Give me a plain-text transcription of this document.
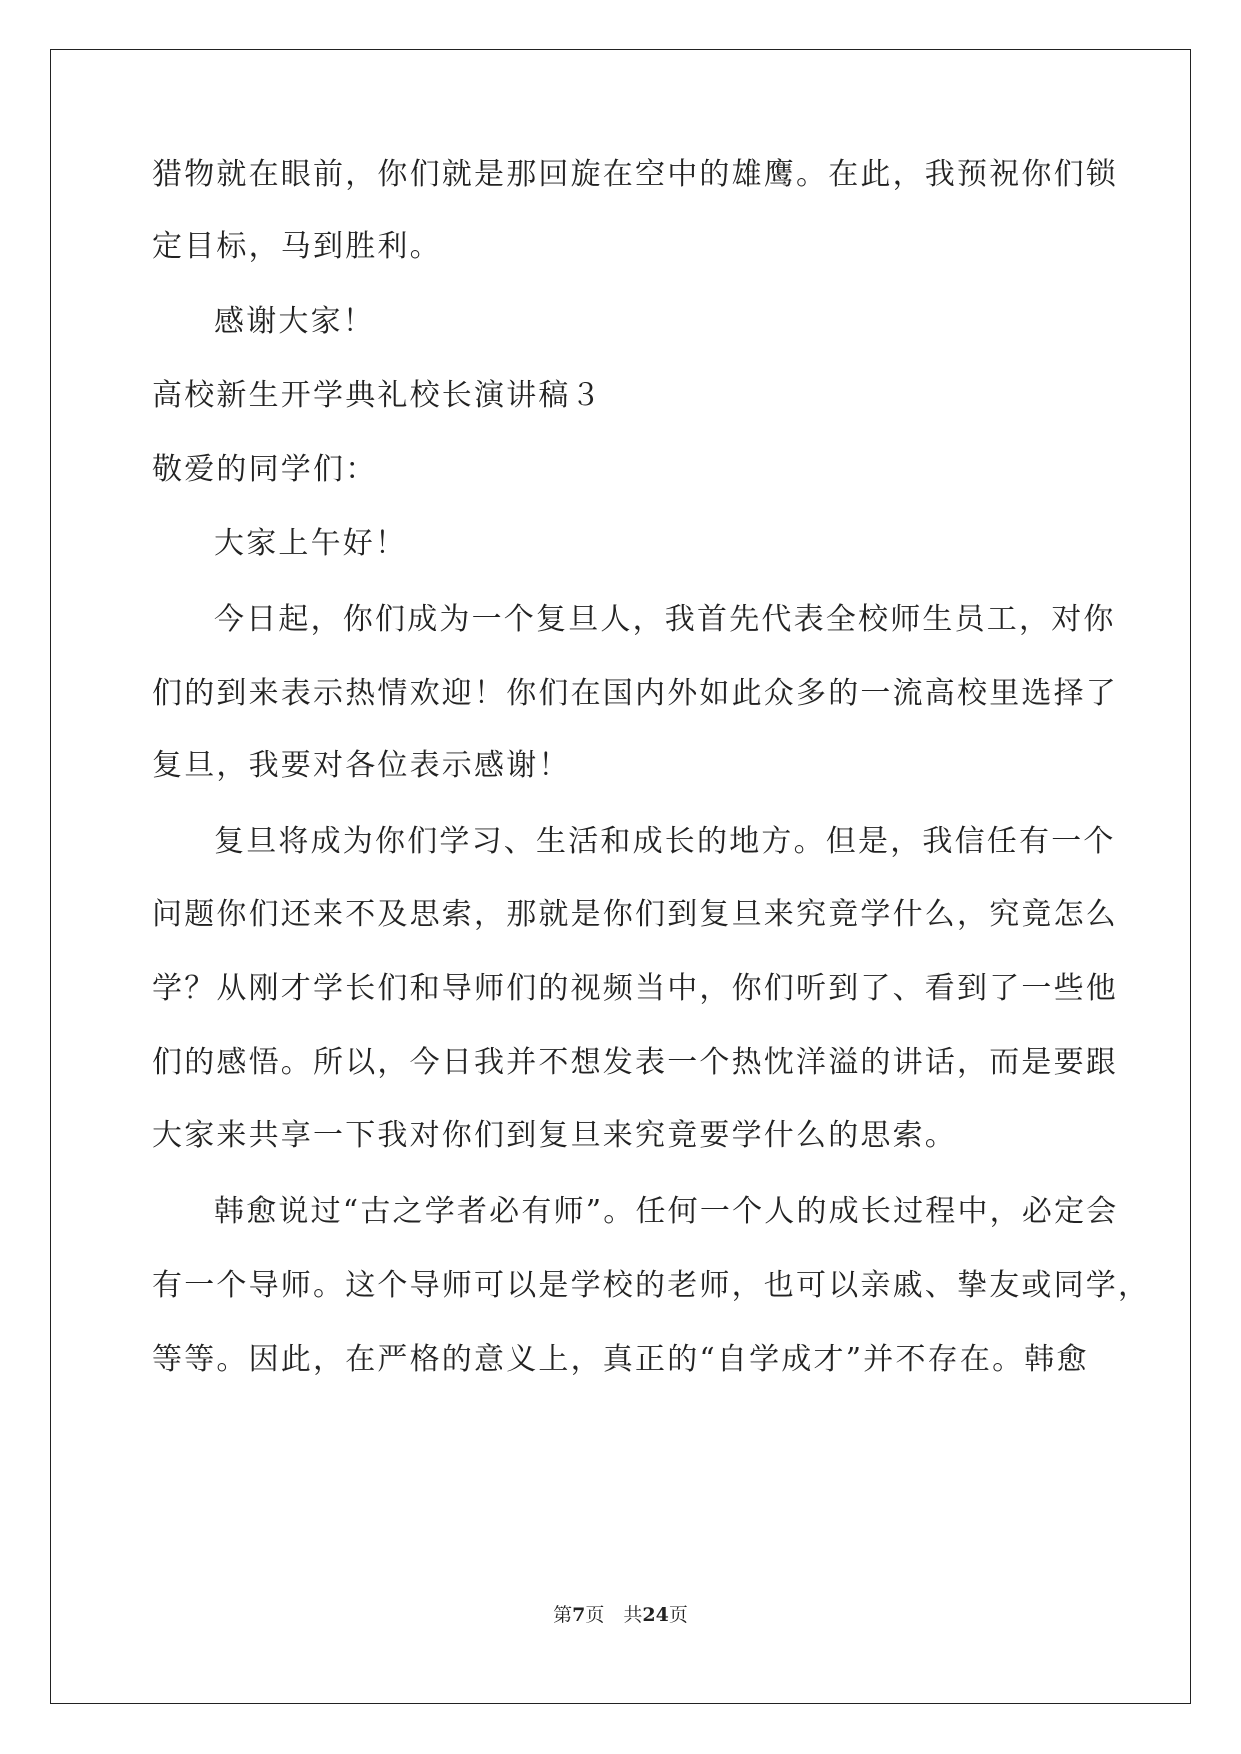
猎物就在眼前，你们就是那回旋在空中的雄鹰。在此，我预祝你们锁

定目标，马到胜利。

感谢大家！

高校新生开学典礼校长演讲稿３

敬爱的同学们：

大家上午好！

今日起，你们成为一个复旦人，我首先代表全校师生员工，对你

们的到来表示热情欢迎！你们在国内外如此众多的一流高校里选择了

复旦，我要对各位表示感谢！

复旦将成为你们学习、生活和成长的地方。但是，我信任有一个

问题你们还来不及思索，那就是你们到复旦来究竟学什么，究竟怎么

学？从刚才学长们和导师们的视频当中，你们听到了、看到了一些他

们的感悟。所以，今日我并不想发表一个热忱洋溢的讲话，而是要跟

大家来共享一下我对你们到复旦来究竟要学什么的思索。

韩愈说过“古之学者必有师”。任何一个人的成长过程中，必定会

有一个导师。这个导师可以是学校的老师，也可以亲戚、挚友或同学，

等等。因此，在严格的意义上，真正的“自学成才”并不存在。韩愈

第7页　共24页
